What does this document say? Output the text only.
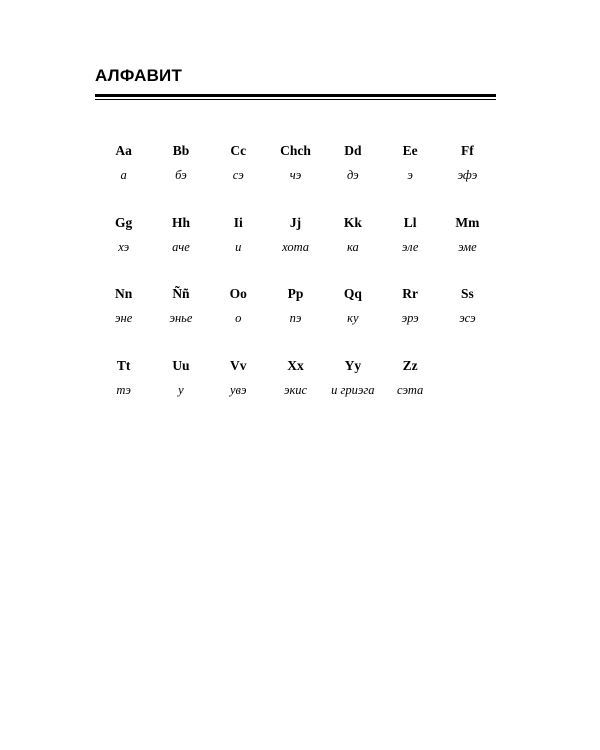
АЛФАВИТ
Aa
а
Bb
бэ
Cc
сэ
Chch
чэ
Dd
дэ
Ee
э
Ff
эфэ
Gg
хэ
Hh
аче
Ii
и
Jj
хота
Kk
ка
Ll
эле
Mm
эме
Nn
эне
Ññ
энье
Oo
о
Pp
пэ
Qq
ку
Rr
эрэ
Ss
эсэ
Tt
тэ
Uu
у
Vv
увэ
Xx
экис
Yy
и гриэга
Zz
сэта
